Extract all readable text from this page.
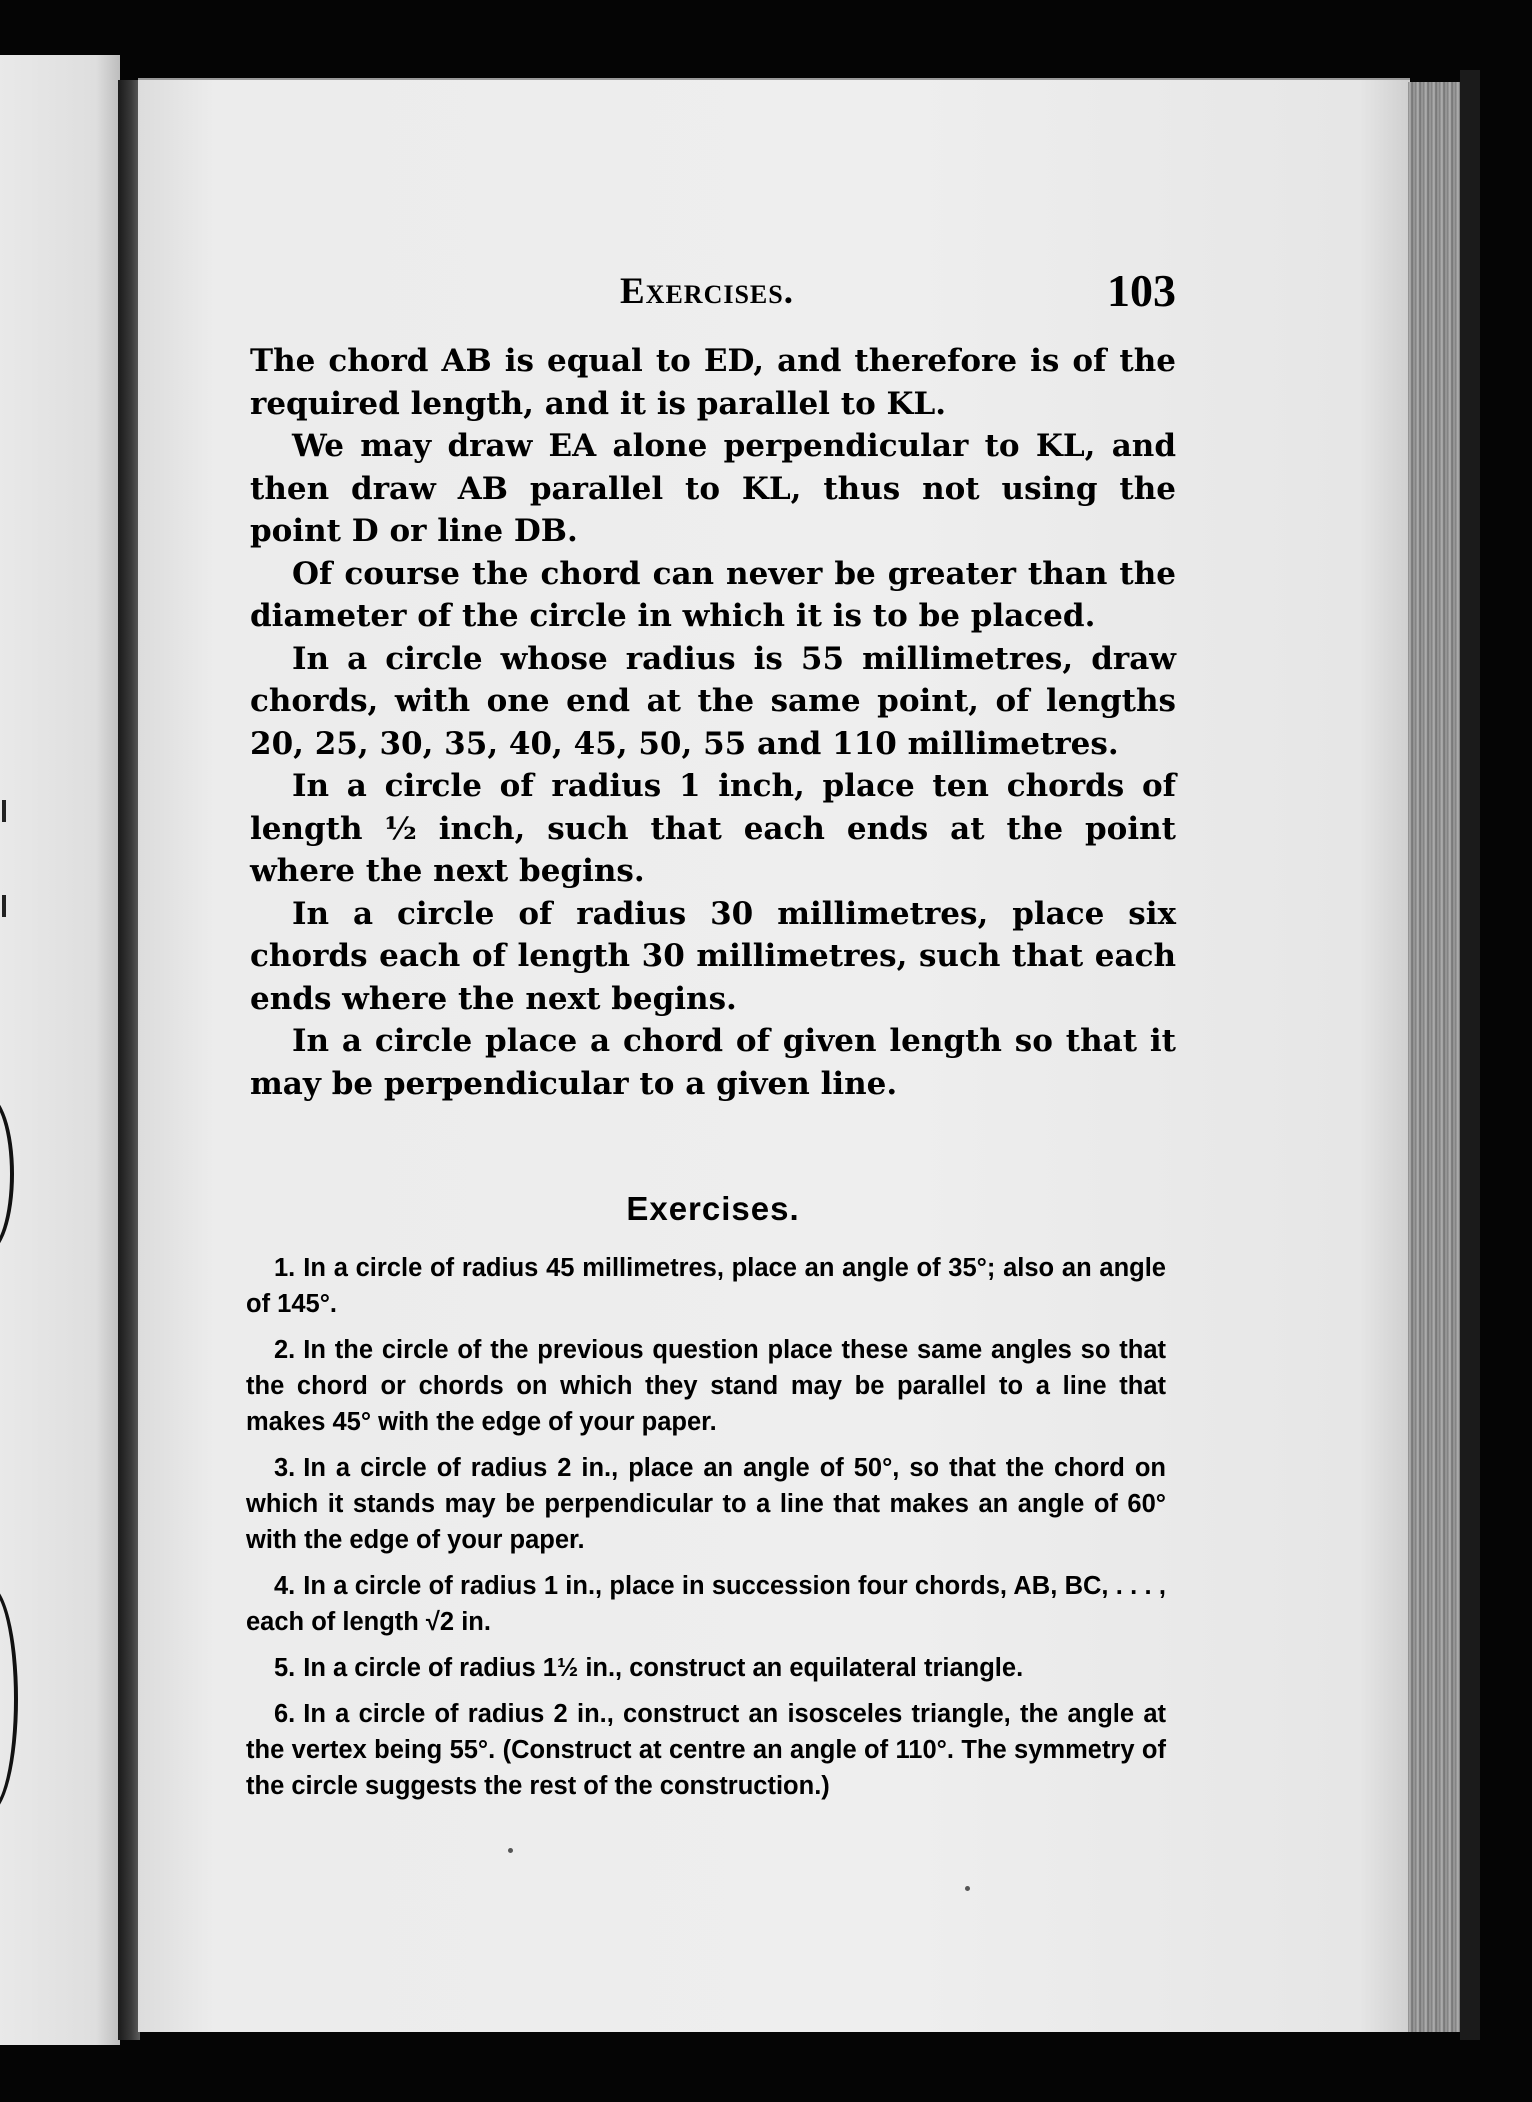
Exercises.	103

The chord AB is equal to ED, and therefore is of the required length, and it is parallel to KL.

We may draw EA alone perpendicular to KL, and then draw AB parallel to KL, thus not using the point D or line DB.

Of course the chord can never be greater than the diameter of the circle in which it is to be placed.

In a circle whose radius is 55 millimetres, draw chords, with one end at the same point, of lengths 20, 25, 30, 35, 40, 45, 50, 55 and 110 millimetres.

In a circle of radius 1 inch, place ten chords of length ½ inch, such that each ends at the point where the next begins.

In a circle of radius 30 millimetres, place six chords each of length 30 millimetres, such that each ends where the next begins.

In a circle place a chord of given length so that it may be perpendicular to a given line.

Exercises.

1. In a circle of radius 45 millimetres, place an angle of 35°; also an angle of 145°.

2. In the circle of the previous question place these same angles so that the chord or chords on which they stand may be parallel to a line that makes 45° with the edge of your paper.

3. In a circle of radius 2 in., place an angle of 50°, so that the chord on which it stands may be perpendicular to a line that makes an angle of 60° with the edge of your paper.

4. In a circle of radius 1 in., place in succession four chords, AB, BC, . . . , each of length √2 in.

5. In a circle of radius 1½ in., construct an equilateral triangle.

6. In a circle of radius 2 in., construct an isosceles triangle, the angle at the vertex being 55°. (Construct at centre an angle of 110°. The symmetry of the circle suggests the rest of the construction.)
